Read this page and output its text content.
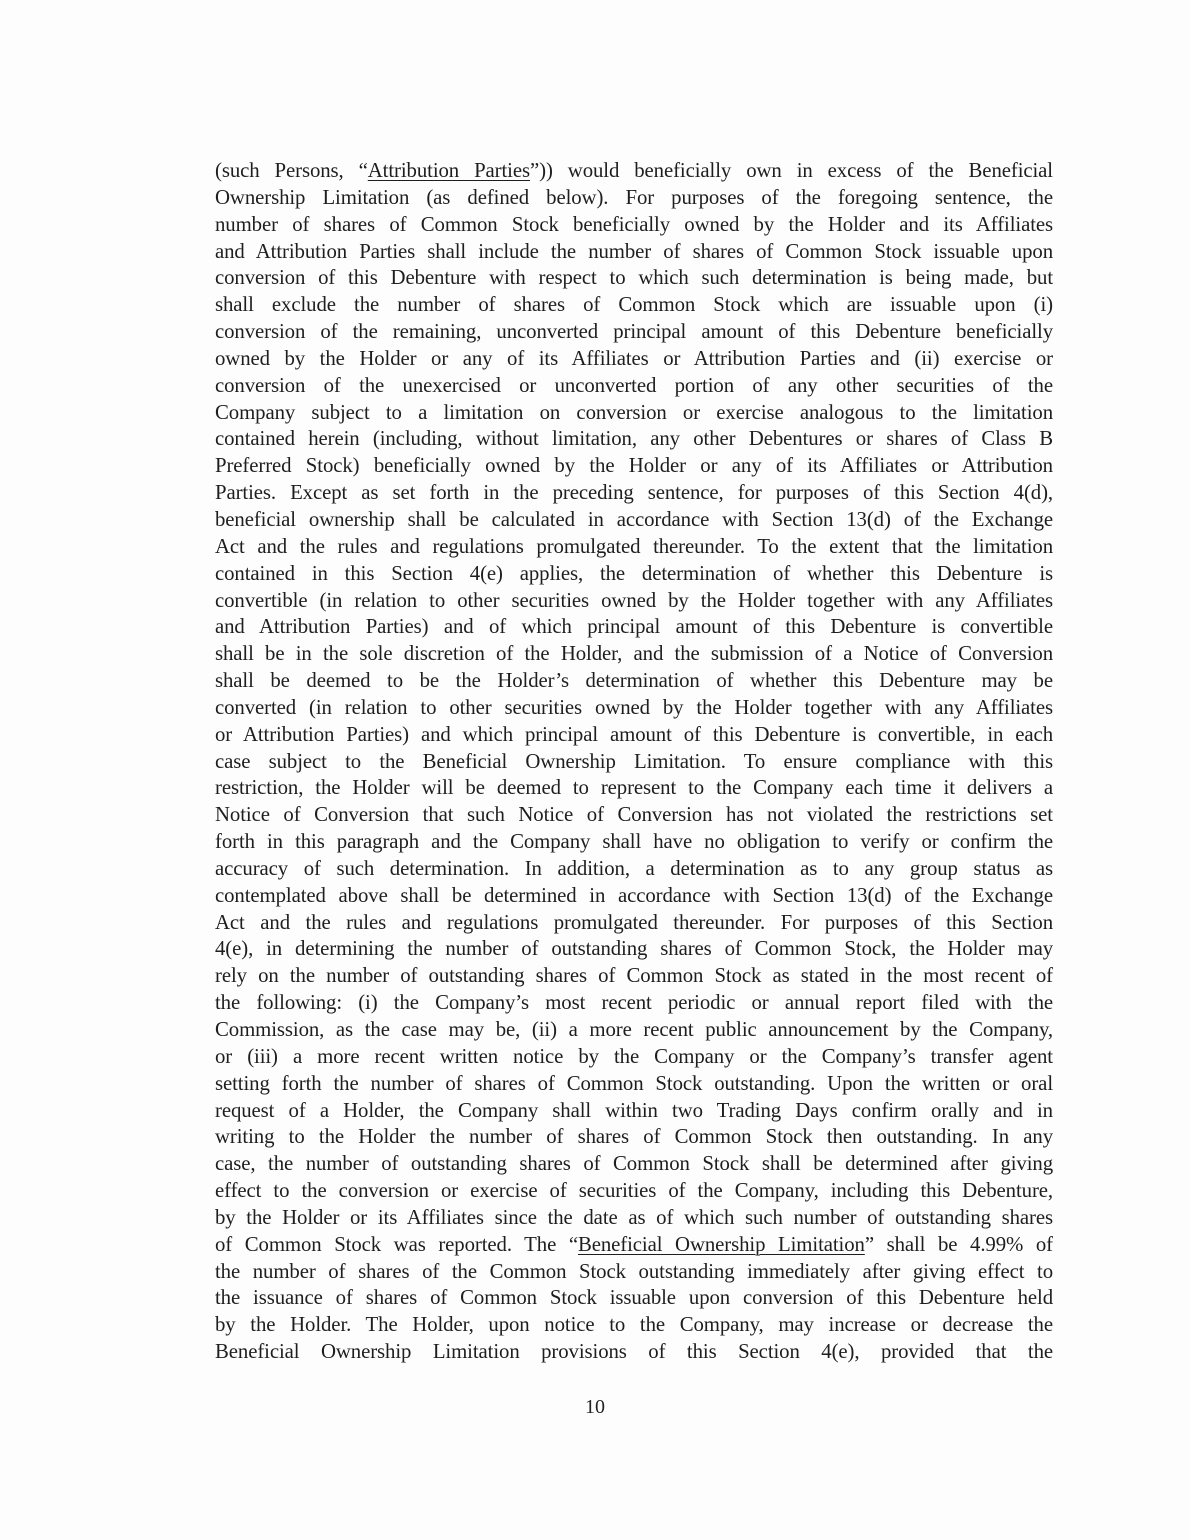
(such Persons, “Attribution Parties”)) would beneficially own in excess of the Beneficial
Ownership Limitation (as defined below). For purposes of the foregoing sentence, the
number of shares of Common Stock beneficially owned by the Holder and its Affiliates
and Attribution Parties shall include the number of shares of Common Stock issuable upon
conversion of this Debenture with respect to which such determination is being made, but
shall exclude the number of shares of Common Stock which are issuable upon (i)
conversion of the remaining, unconverted principal amount of this Debenture beneficially
owned by the Holder or any of its Affiliates or Attribution Parties and (ii) exercise or
conversion of the unexercised or unconverted portion of any other securities of the
Company subject to a limitation on conversion or exercise analogous to the limitation
contained herein (including, without limitation, any other Debentures or shares of Class B
Preferred Stock) beneficially owned by the Holder or any of its Affiliates or Attribution
Parties. Except as set forth in the preceding sentence, for purposes of this Section 4(d),
beneficial ownership shall be calculated in accordance with Section 13(d) of the Exchange
Act and the rules and regulations promulgated thereunder. To the extent that the limitation
contained in this Section 4(e) applies, the determination of whether this Debenture is
convertible (in relation to other securities owned by the Holder together with any Affiliates
and Attribution Parties) and of which principal amount of this Debenture is convertible
shall be in the sole discretion of the Holder, and the submission of a Notice of Conversion
shall be deemed to be the Holder’s determination of whether this Debenture may be
converted (in relation to other securities owned by the Holder together with any Affiliates
or Attribution Parties) and which principal amount of this Debenture is convertible, in each
case subject to the Beneficial Ownership Limitation. To ensure compliance with this
restriction, the Holder will be deemed to represent to the Company each time it delivers a
Notice of Conversion that such Notice of Conversion has not violated the restrictions set
forth in this paragraph and the Company shall have no obligation to verify or confirm the
accuracy of such determination. In addition, a determination as to any group status as
contemplated above shall be determined in accordance with Section 13(d) of the Exchange
Act and the rules and regulations promulgated thereunder. For purposes of this Section
4(e), in determining the number of outstanding shares of Common Stock, the Holder may
rely on the number of outstanding shares of Common Stock as stated in the most recent of
the following: (i) the Company’s most recent periodic or annual report filed with the
Commission, as the case may be, (ii) a more recent public announcement by the Company,
or (iii) a more recent written notice by the Company or the Company’s transfer agent
setting forth the number of shares of Common Stock outstanding. Upon the written or oral
request of a Holder, the Company shall within two Trading Days confirm orally and in
writing to the Holder the number of shares of Common Stock then outstanding. In any
case, the number of outstanding shares of Common Stock shall be determined after giving
effect to the conversion or exercise of securities of the Company, including this Debenture,
by the Holder or its Affiliates since the date as of which such number of outstanding shares
of Common Stock was reported. The “Beneficial Ownership Limitation” shall be 4.99% of
the number of shares of the Common Stock outstanding immediately after giving effect to
the issuance of shares of Common Stock issuable upon conversion of this Debenture held
by the Holder. The Holder, upon notice to the Company, may increase or decrease the
Beneficial Ownership Limitation provisions of this Section 4(e), provided that the
10
